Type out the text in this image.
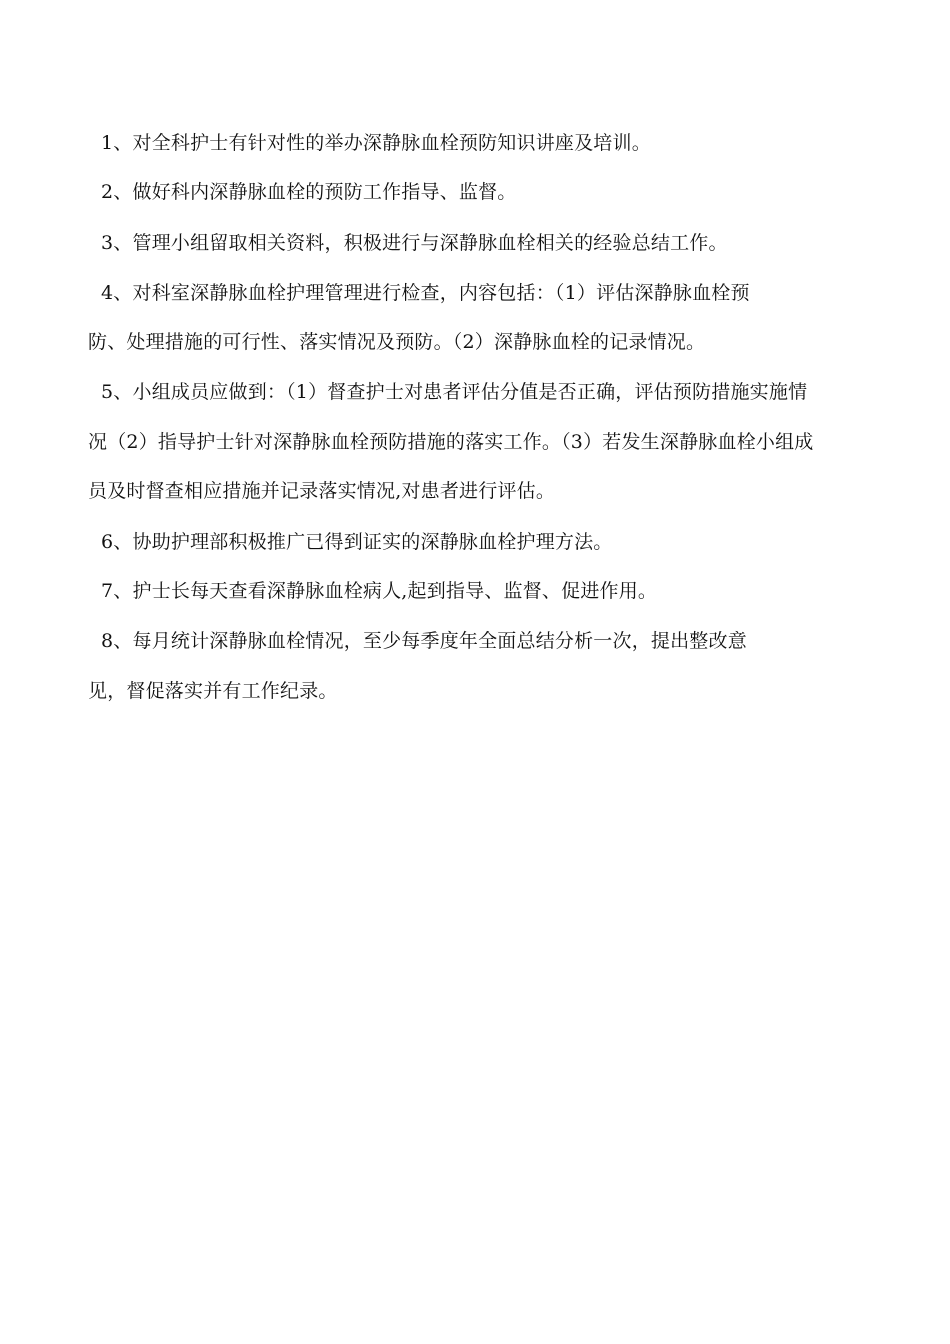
1、对全科护士有针对性的举办深静脉血栓预防知识讲座及培训。
2、做好科内深静脉血栓的预防工作指导、监督。
3、管理小组留取相关资料，积极进行与深静脉血栓相关的经验总结工作。
4、对科室深静脉血栓护理管理进行检查，内容包括：（1）评估深静脉血栓预
防、处理措施的可行性、落实情况及预防。（2）深静脉血栓的记录情况。
5、小组成员应做到：（1）督查护士对患者评估分值是否正确，评估预防措施实施情
况（2）指导护士针对深静脉血栓预防措施的落实工作。（3）若发生深静脉血栓小组成
员及时督查相应措施并记录落实情况,对患者进行评估。
6、协助护理部积极推广已得到证实的深静脉血栓护理方法。
7、护士长每天查看深静脉血栓病人,起到指导、监督、促进作用。
8、每月统计深静脉血栓情况，至少每季度年全面总结分析一次，提出整改意
见，督促落实并有工作纪录。
